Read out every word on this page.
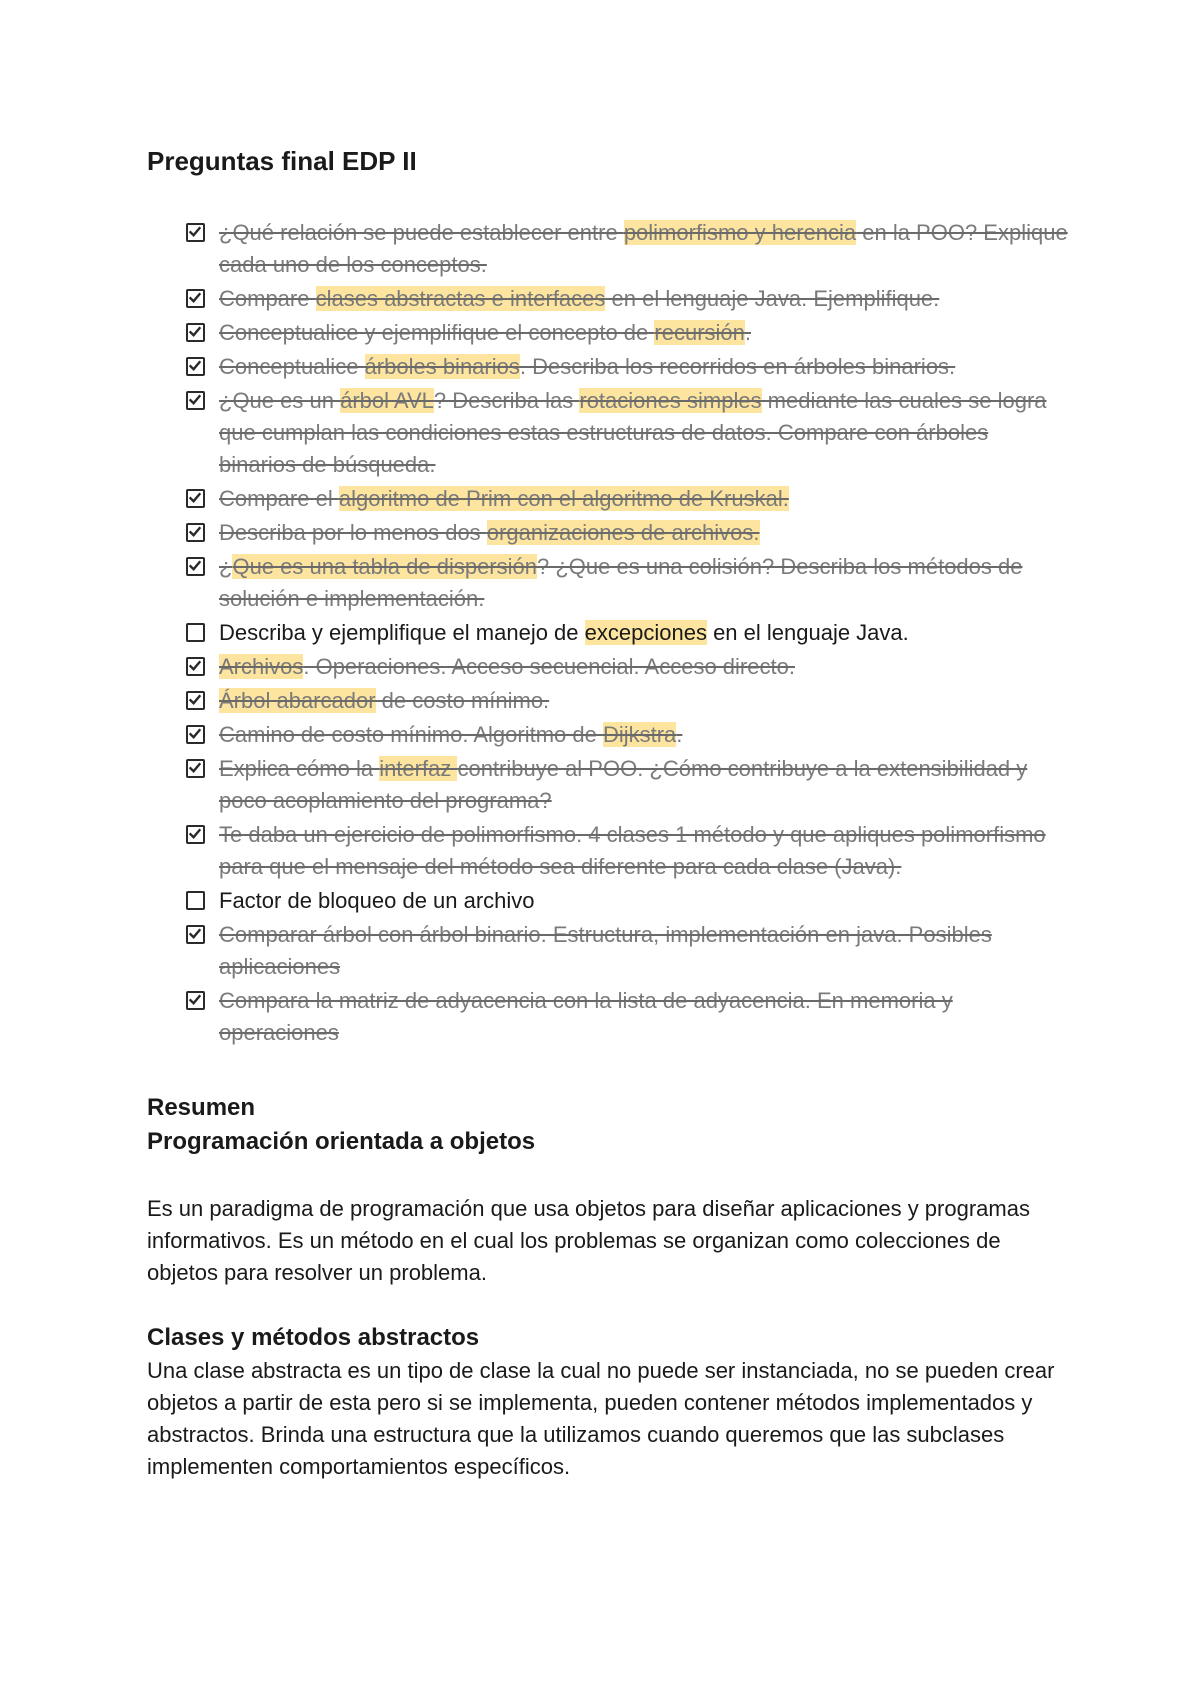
Preguntas final EDP II
¿Qué relación se puede establecer entre polimorfismo y herencia en la POO? Explique cada uno de los conceptos.
Compare clases abstractas e interfaces en el lenguaje Java. Ejemplifique.
Conceptualice y ejemplifique el concepto de recursión.
Conceptualice árboles binarios. Describa los recorridos en árboles binarios.
¿Que es un árbol AVL? Describa las rotaciones simples mediante las cuales se logra que cumplan las condiciones estas estructuras de datos. Compare con árboles binarios de búsqueda.
Compare el algoritmo de Prim con el algoritmo de Kruskal.
Describa por lo menos dos organizaciones de archivos.
¿Que es una tabla de dispersión? ¿Que es una colisión? Describa los métodos de solución e implementación.
Describa y ejemplifique el manejo de excepciones en el lenguaje Java.
Archivos. Operaciones. Acceso secuencial. Acceso directo.
Árbol abarcador de costo mínimo.
Camino de costo mínimo. Algoritmo de Dijkstra.
Explica cómo la interfaz contribuye al POO. ¿Cómo contribuye a la extensibilidad y poco acoplamiento del programa?
Te daba un ejercicio de polimorfismo. 4 clases 1 método y que apliques polimorfismo para que el mensaje del método sea diferente para cada clase (Java).
Factor de bloqueo de un archivo
Comparar árbol con árbol binario. Estructura, implementación en java. Posibles aplicaciones
Compara la matriz de adyacencia con la lista de adyacencia. En memoria y operaciones
Resumen
Programación orientada a objetos

Es un paradigma de programación que usa objetos para diseñar aplicaciones y programas informativos. Es un método en el cual los problemas se organizan como colecciones de objetos para resolver un problema.

Clases y métodos abstractos

Una clase abstracta es un tipo de clase la cual no puede ser instanciada, no se pueden crear objetos a partir de esta pero si se implementa, pueden contener métodos implementados y abstractos. Brinda una estructura que la utilizamos cuando queremos que las subclases implementen comportamientos específicos.
